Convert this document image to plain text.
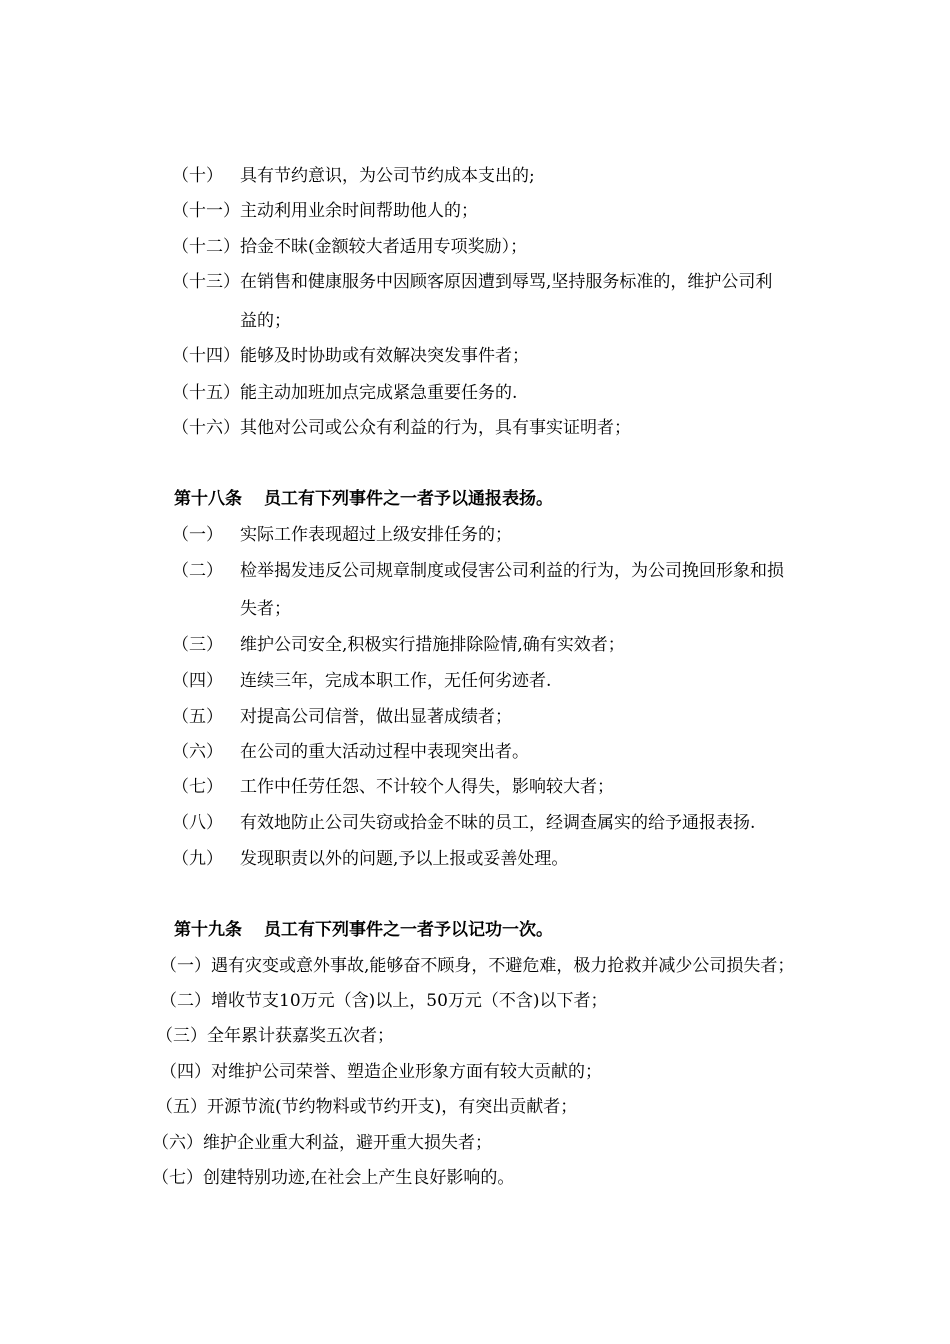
（十） 具有节约意识，为公司节约成本支出的;
（十一） 主动利用业余时间帮助他人的；
（十二） 拾金不昧(金额较大者适用专项奖励）；
（十三） 在销售和健康服务中因顾客原因遭到辱骂,坚持服务标准的，维护公司利
益的；
（十四） 能够及时协助或有效解决突发事件者；
（十五） 能主动加班加点完成紧急重要任务的.
（十六） 其他对公司或公众有利益的行为，具有事实证明者；
第十八条 员工有下列事件之一者予以通报表扬。
（一） 实际工作表现超过上级安排任务的；
（二） 检举揭发违反公司规章制度或侵害公司利益的行为，为公司挽回形象和损
失者；
（三） 维护公司安全,积极实行措施排除险情,确有实效者；
（四） 连续三年，完成本职工作，无任何劣迹者.
（五） 对提高公司信誉，做出显著成绩者；
（六） 在公司的重大活动过程中表现突出者。
（七） 工作中任劳任怨、不计较个人得失，影响较大者；
（八） 有效地防止公司失窃或拾金不昧的员工，经调查属实的给予通报表扬.
（九） 发现职责以外的问题,予以上报或妥善处理。
第十九条 员工有下列事件之一者予以记功一次。
（一）遇有灾变或意外事故,能够奋不顾身，不避危难，极力抢救并减少公司损失者；
（二）增收节支10万元（含)以上，50万元（不含)以下者；
（三）全年累计获嘉奖五次者；
（四）对维护公司荣誉、塑造企业形象方面有较大贡献的；
（五）开源节流(节约物料或节约开支)，有突出贡献者；
（六）维护企业重大利益，避开重大损失者；
（七）创建特别功迹,在社会上产生良好影响的。
